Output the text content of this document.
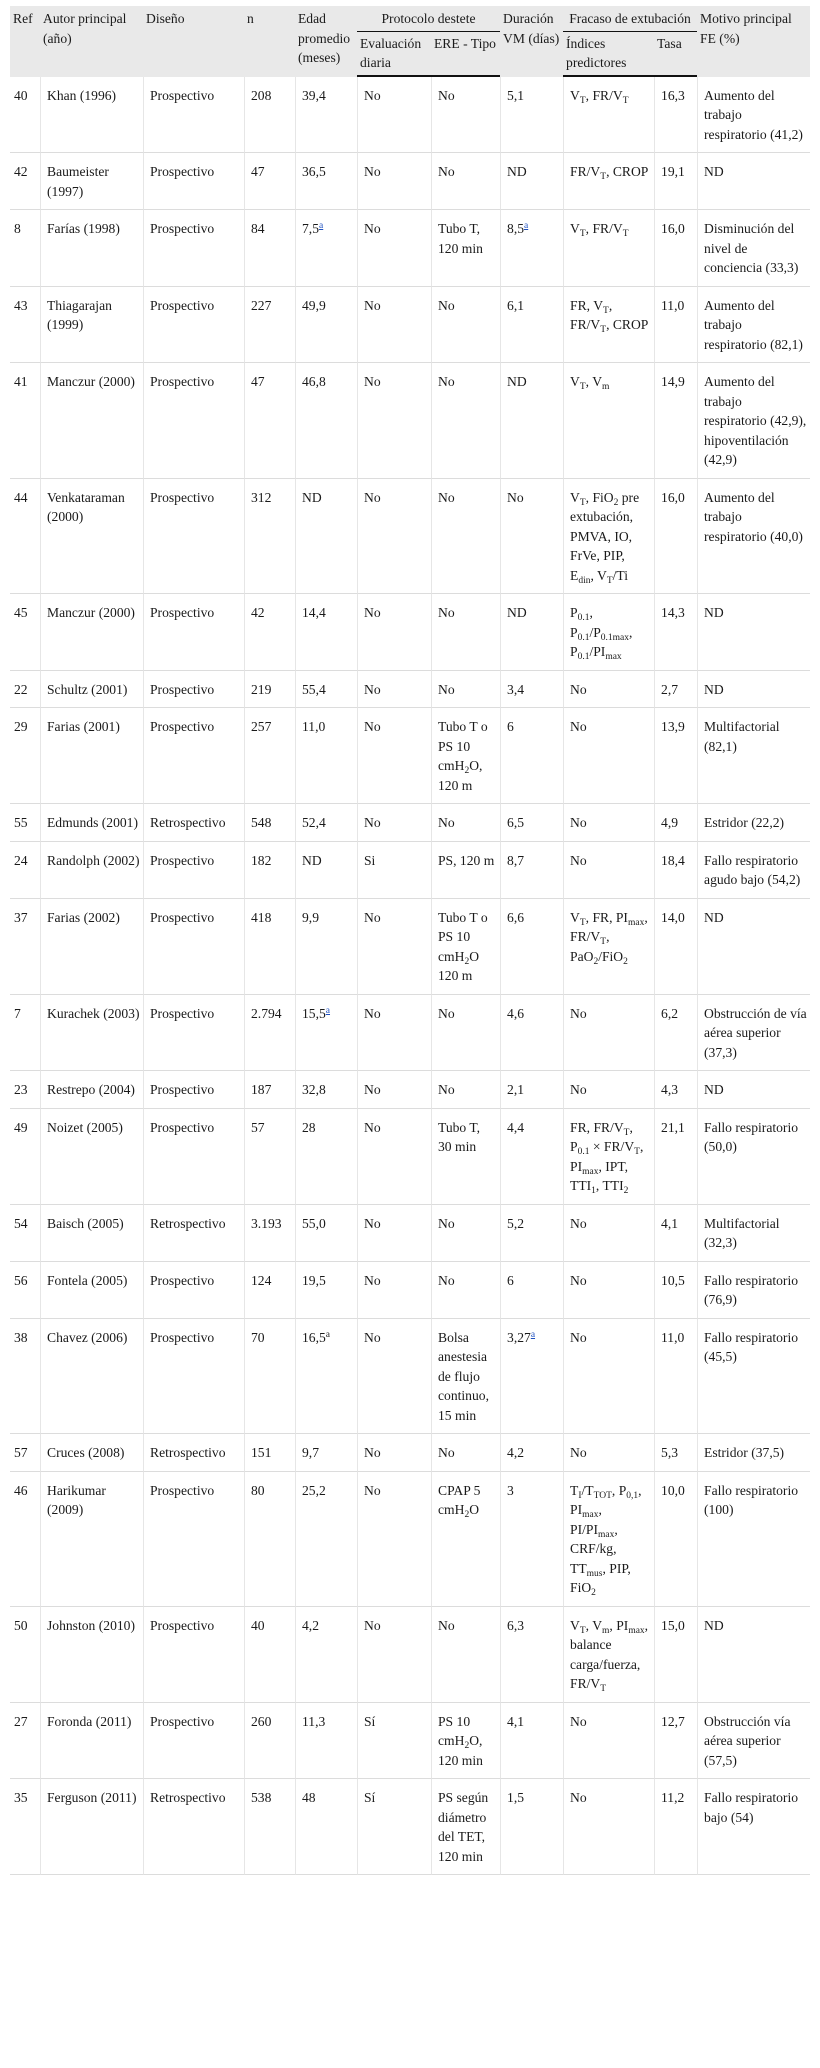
Ref	Autor principal (año)	Diseño	n	Edad promedio (meses)	Protocolo destete		Duración VM (días)	Fracaso de extubación		Motivo principal FE (%)
					Evaluación diaria	ERE - Tipo		Índices predictores	Tasa	
40	Khan (1996)	Prospectivo	208	39,4	No	No	5,1	$V_T$, $FR/V_T$	16,3	Aumento del trabajo respiratorio (41,2)
42	Baumeister (1997)	Prospectivo	47	36,5	No	No	ND	$FR/V_T$, CROP	19,1	ND
8	Farías (1998)	Prospectivo	84	7,5$^a$	No	Tubo T, 120 min	8,5$^a$	$V_T$, $FR/V_T$	16,0	Disminución del nivel de conciencia (33,3)
43	Thiagarajan (1999)	Prospectivo	227	49,9	No	No	6,1	FR, $V_T$, $FR/V_T$, CROP	11,0	Aumento del trabajo respiratorio (82,1)
41	Manczur (2000)	Prospectivo	47	46,8	No	No	ND	$V_T$, $V_m$	14,9	Aumento del trabajo respiratorio (42,9), hipoventilación (42,9)
44	Venkataraman (2000)	Prospectivo	312	ND	No	No	No	$V_T$, FiO$_2$ pre extubación, PMVA, IO, FrVe, PIP, $E_{din}$, $V_T/Ti$	16,0	Aumento del trabajo respiratorio (40,0)
45	Manczur (2000)	Prospectivo	42	14,4	No	No	ND	$P_{0.1}$, $P_{0.1}/P_{0.1max}$, $P_{0.1}/PI_{max}$	14,3	ND
22	Schultz (2001)	Prospectivo	219	55,4	No	No	3,4	No	2,7	ND
29	Farias (2001)	Prospectivo	257	11,0	No	Tubo T o PS 10 cmH$_2$O, 120 m	6	No	13,9	Multifactorial (82,1)
55	Edmunds (2001)	Retrospectivo	548	52,4	No	No	6,5	No	4,9	Estridor (22,2)
24	Randolph (2002)	Prospectivo	182	ND	Si	PS, 120 m	8,7	No	18,4	Fallo respiratorio agudo bajo (54,2)
37	Farias (2002)	Prospectivo	418	9,9	No	Tubo T o PS 10 cmH$_2$O 120 m	6,6	$V_T$, FR, $PI_{max}$, $FR/V_T$, PaO$_2$/FiO$_2$	14,0	ND
7	Kurachek (2003)	Prospectivo	2.794	15,5$^a$	No	No	4,6	No	6,2	Obstrucción de vía aérea superior (37,3)
23	Restrepo (2004)	Prospectivo	187	32,8	No	No	2,1	No	4,3	ND
49	Noizet (2005)	Prospectivo	57	28	No	Tubo T, 30 min	4,4	FR, $FR/V_T$, $P_{0.1} \times FR/V_T$, $PI_{max}$, IPT, $TTI_1$, $TTI_2$	21,1	Fallo respiratorio (50,0)
54	Baisch (2005)	Retrospectivo	3.193	55,0	No	No	5,2	No	4,1	Multifactorial (32,3)
56	Fontela (2005)	Prospectivo	124	19,5	No	No	6	No	10,5	Fallo respiratorio (76,9)
38	Chavez (2006)	Prospectivo	70	16,5$^a$	No	Bolsa anestesia de flujo continuo, 15 min	3,27$^a$	No	11,0	Fallo respiratorio (45,5)
57	Cruces (2008)	Retrospectivo	151	9,7	No	No	4,2	No	5,3	Estridor (37,5)
46	Harikumar (2009)	Prospectivo	80	25,2	No	CPAP 5 cmH$_2$O	3	$T_I/T_{TOT}$, $P_{0,1}$, $PI_{max}$, $PI/PI_{max}$, CRF/kg, $TT_{mus}$, PIP, FiO$_2$	10,0	Fallo respiratorio (100)
50	Johnston (2010)	Prospectivo	40	4,2	No	No	6,3	$V_T$, $V_m$, $PI_{max}$, balance carga/fuerza, $FR/V_T$	15,0	ND
27	Foronda (2011)	Prospectivo	260	11,3	Sí	PS 10 cmH$_2$O, 120 min	4,1	No	12,7	Obstrucción vía aérea superior (57,5)
35	Ferguson (2011)	Retrospectivo	538	48	Sí	PS según diámetro del TET, 120 min	1,5	No	11,2	Fallo respiratorio bajo (54)
